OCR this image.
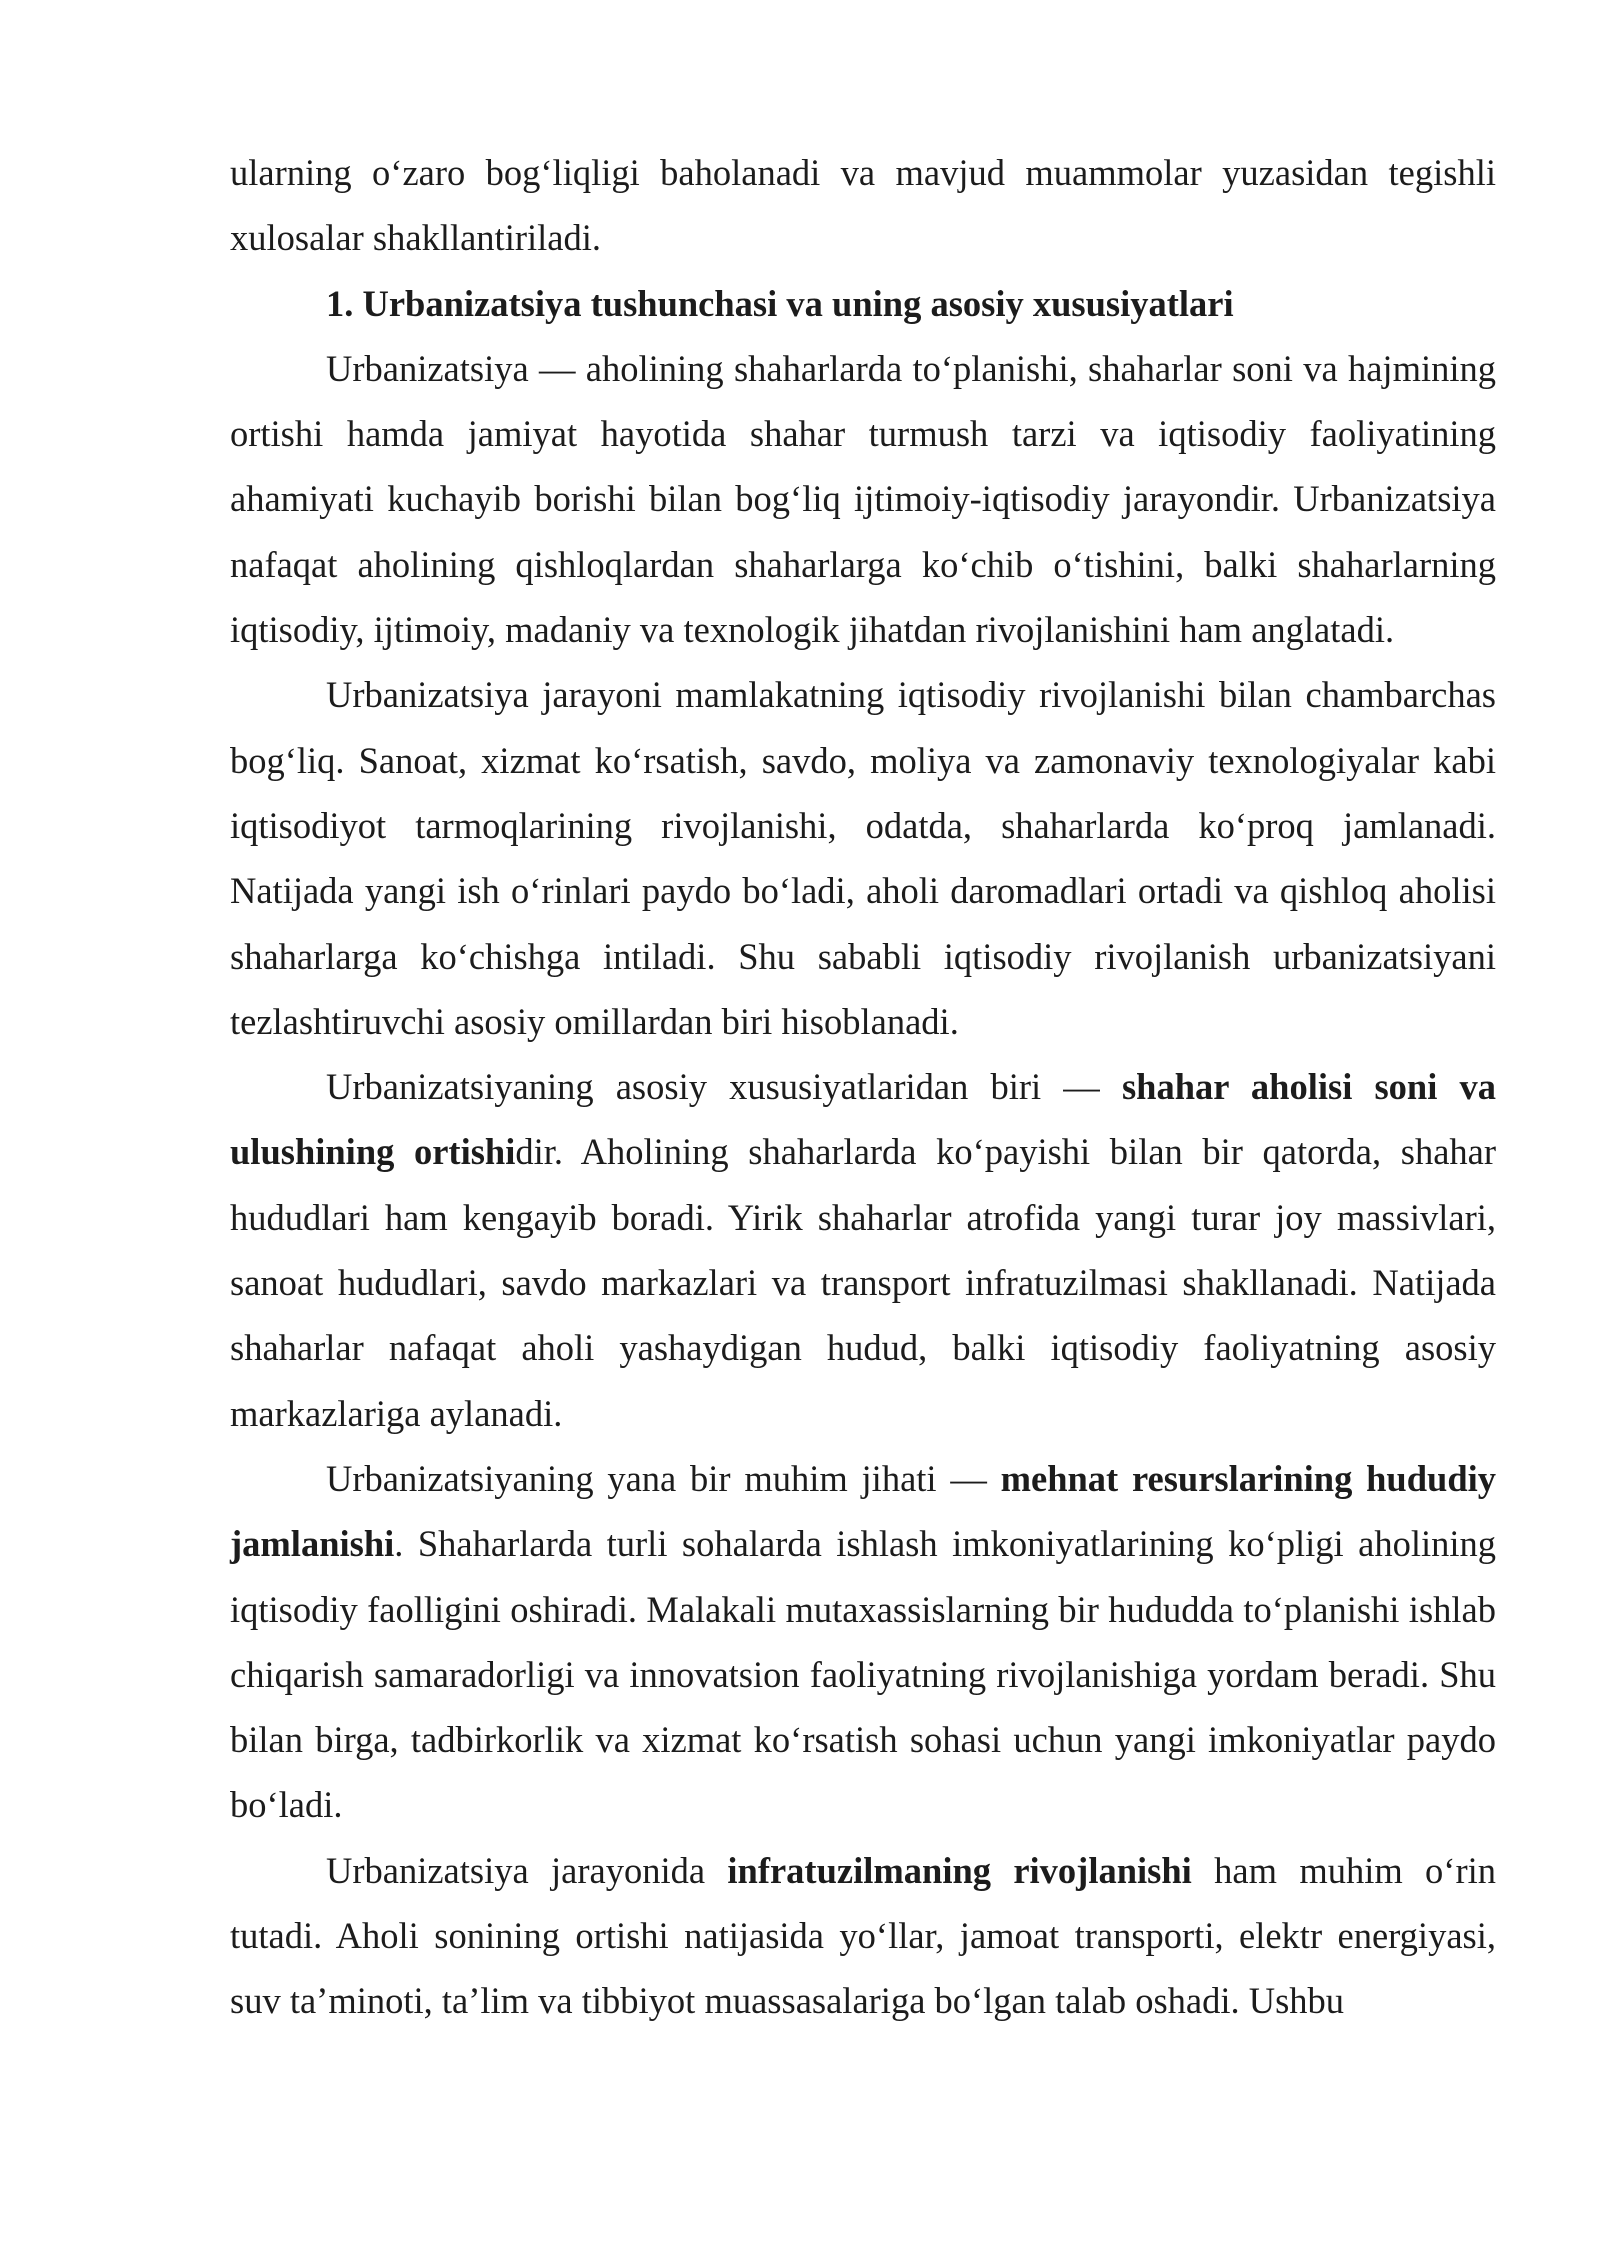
ularning o‘zaro bog‘liqligi baholanadi va mavjud muammolar yuzasidan tegishli xulosalar shakllantiriladi.

1. Urbanizatsiya tushunchasi va uning asosiy xususiyatlari

Urbanizatsiya — aholining shaharlarda to‘planishi, shaharlar soni va hajmining ortishi hamda jamiyat hayotida shahar turmush tarzi va iqtisodiy faoliyatining ahamiyati kuchayib borishi bilan bog‘liq ijtimoiy-iqtisodiy jarayondir. Urbanizatsiya nafaqat aholining qishloqlardan shaharlarga ko‘chib o‘tishini, balki shaharlarning iqtisodiy, ijtimoiy, madaniy va texnologik jihatdan rivojlanishini ham anglatadi.

Urbanizatsiya jarayoni mamlakatning iqtisodiy rivojlanishi bilan chambarchas bog‘liq. Sanoat, xizmat ko‘rsatish, savdo, moliya va zamonaviy texnologiyalar kabi iqtisodiyot tarmoqlarining rivojlanishi, odatda, shaharlarda ko‘proq jamlanadi. Natijada yangi ish o‘rinlari paydo bo‘ladi, aholi daromadlari ortadi va qishloq aholisi shaharlarga ko‘chishga intiladi. Shu sababli iqtisodiy rivojlanish urbanizatsiyani tezlashtiruvchi asosiy omillardan biri hisoblanadi.

Urbanizatsiyaning asosiy xususiyatlaridan biri — shahar aholisi soni va ulushining ortishidir. Aholining shaharlarda ko‘payishi bilan bir qatorda, shahar hududlari ham kengayib boradi. Yirik shaharlar atrofida yangi turar joy massivlari, sanoat hududlari, savdo markazlari va transport infratuzilmasi shakllanadi. Natijada shaharlar nafaqat aholi yashaydigan hudud, balki iqtisodiy faoliyatning asosiy markazlariga aylanadi.

Urbanizatsiyaning yana bir muhim jihati — mehnat resurslarining hududiy jamlanishi. Shaharlarda turli sohalarda ishlash imkoniyatlarining ko‘pligi aholining iqtisodiy faolligini oshiradi. Malakali mutaxassislarning bir hududda to‘planishi ishlab chiqarish samaradorligi va innovatsion faoliyatning rivojlanishiga yordam beradi. Shu bilan birga, tadbirkorlik va xizmat ko‘rsatish sohasi uchun yangi imkoniyatlar paydo bo‘ladi.

Urbanizatsiya jarayonida infratuzilmaning rivojlanishi ham muhim o‘rin tutadi. Aholi sonining ortishi natijasida yo‘llar, jamoat transporti, elektr energiyasi, suv ta’minoti, ta’lim va tibbiyot muassasalariga bo‘lgan talab oshadi. Ushbu
